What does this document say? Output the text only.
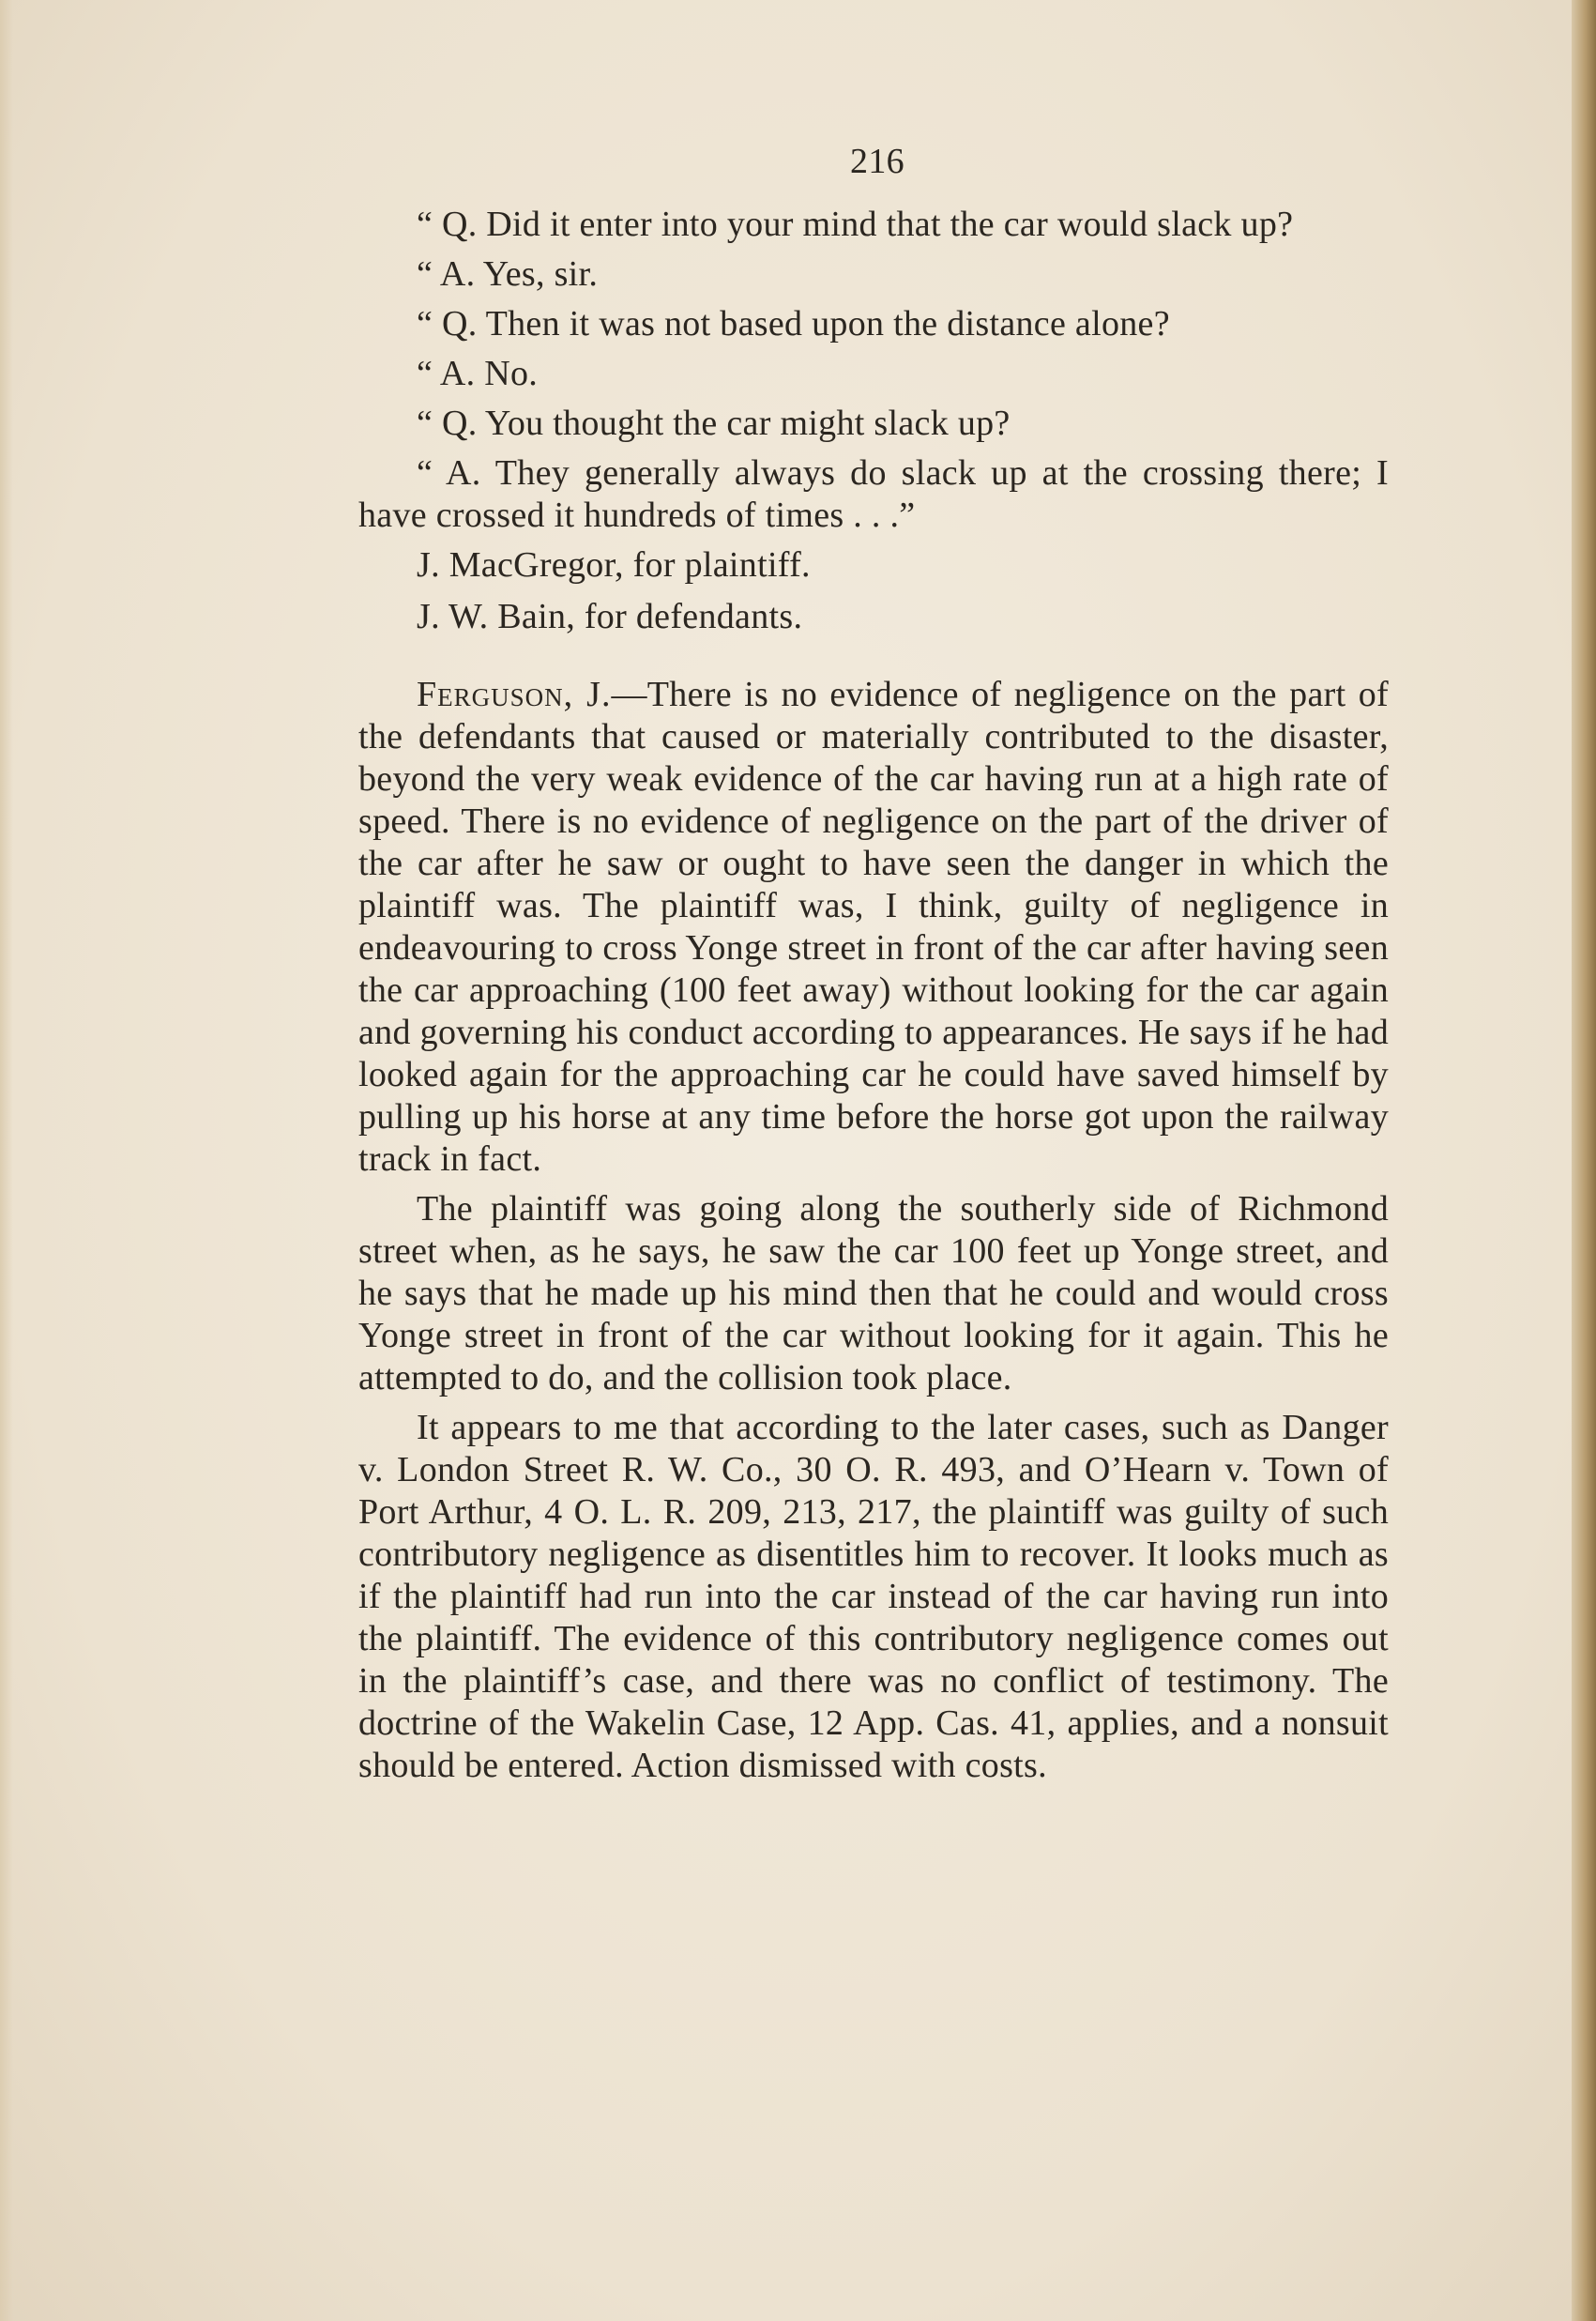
216

“ Q. Did it enter into your mind that the car would slack up?

“ A. Yes, sir.

“ Q. Then it was not based upon the distance alone?

“ A. No.

“ Q. You thought the car might slack up?

“ A. They generally always do slack up at the crossing there; I have crossed it hundreds of times . . .”

J. MacGregor, for plaintiff.

J. W. Bain, for defendants.

Ferguson, J.—There is no evidence of negligence on the part of the defendants that caused or materially contributed to the disaster, beyond the very weak evidence of the car having run at a high rate of speed. There is no evidence of negligence on the part of the driver of the car after he saw or ought to have seen the danger in which the plaintiff was. The plaintiff was, I think, guilty of negligence in endeavouring to cross Yonge street in front of the car after having seen the car approaching (100 feet away) without looking for the car again and governing his conduct according to appearances. He says if he had looked again for the approaching car he could have saved himself by pulling up his horse at any time before the horse got upon the railway track in fact.

The plaintiff was going along the southerly side of Richmond street when, as he says, he saw the car 100 feet up Yonge street, and he says that he made up his mind then that he could and would cross Yonge street in front of the car without looking for it again. This he attempted to do, and the collision took place.

It appears to me that according to the later cases, such as Danger v. London Street R. W. Co., 30 O. R. 493, and O’Hearn v. Town of Port Arthur, 4 O. L. R. 209, 213, 217, the plaintiff was guilty of such contributory negligence as disentitles him to recover. It looks much as if the plaintiff had run into the car instead of the car having run into the plaintiff. The evidence of this contributory negligence comes out in the plaintiff’s case, and there was no conflict of testimony. The doctrine of the Wakelin Case, 12 App. Cas. 41, applies, and a nonsuit should be entered. Action dismissed with costs.
